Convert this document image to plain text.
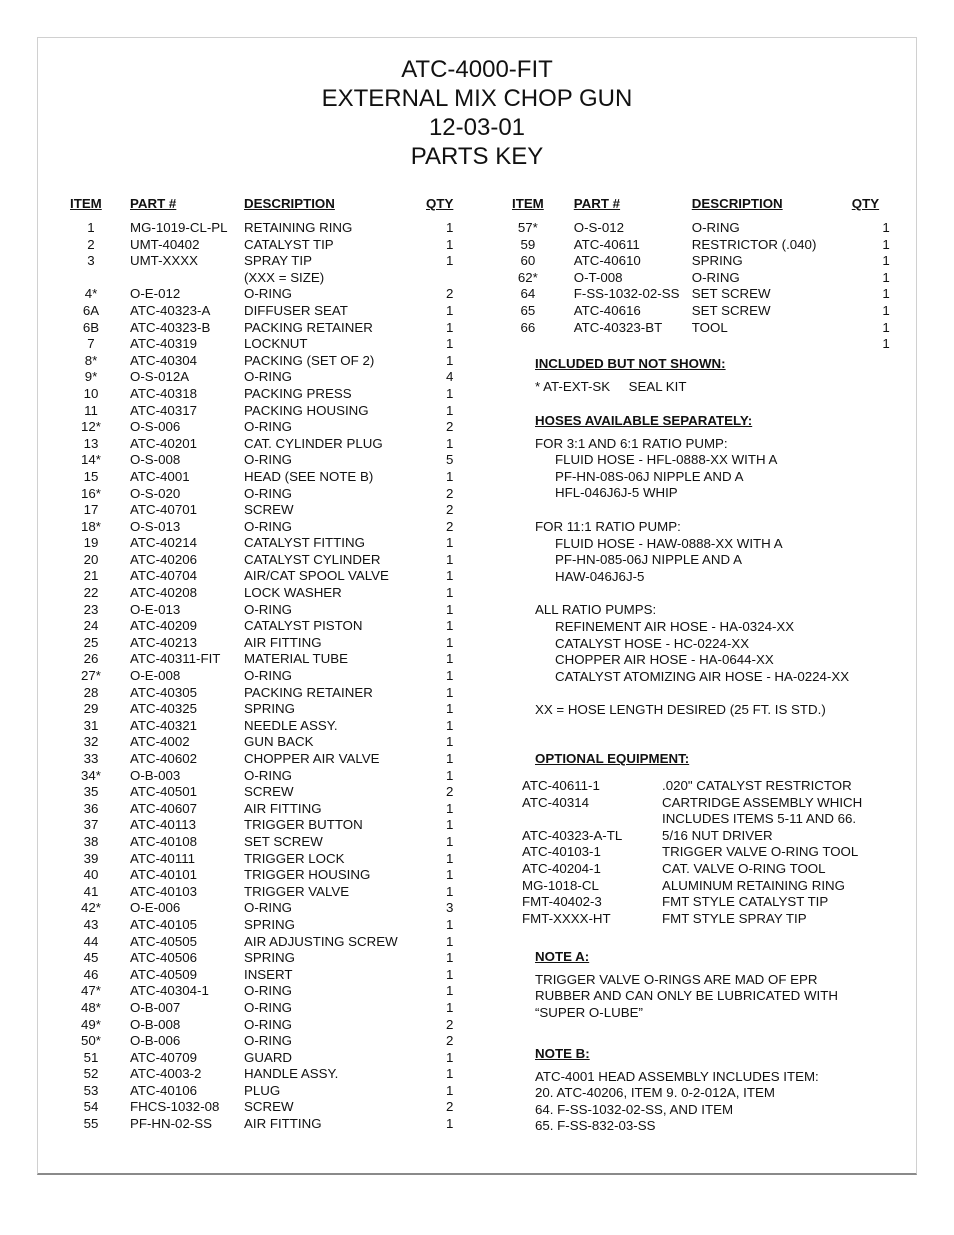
ATC-4000-FIT
EXTERNAL MIX CHOP GUN
12-03-01
PARTS KEY
ITEM	PART #	DESCRIPTION	QTY
1	MG-1019-CL-PL	RETAINING RING	1
2	UMT-40402	CATALYST TIP	1
3	UMT-XXXX	SPRAY TIP	1
		(XXX = SIZE)	
4*	O-E-012	O-RING	2
6A	ATC-40323-A	DIFFUSER SEAT	1
6B	ATC-40323-B	PACKING RETAINER	1
7	ATC-40319	LOCKNUT	1
8*	ATC-40304	PACKING (SET OF 2)	1
9*	O-S-012A	O-RING	4
10	ATC-40318	PACKING PRESS	1
11	ATC-40317	PACKING HOUSING	1
12*	O-S-006	O-RING	2
13	ATC-40201	CAT. CYLINDER PLUG	1
14*	O-S-008	O-RING	5
15	ATC-4001	HEAD (SEE NOTE B)	1
16*	O-S-020	O-RING	2
17	ATC-40701	SCREW	2
18*	O-S-013	O-RING	2
19	ATC-40214	CATALYST FITTING	1
20	ATC-40206	CATALYST CYLINDER	1
21	ATC-40704	AIR/CAT SPOOL VALVE	1
22	ATC-40208	LOCK WASHER	1
23	O-E-013	O-RING	1
24	ATC-40209	CATALYST PISTON	1
25	ATC-40213	AIR FITTING	1
26	ATC-40311-FIT	MATERIAL TUBE	1
27*	O-E-008	O-RING	1
28	ATC-40305	PACKING RETAINER	1
29	ATC-40325	SPRING	1
31	ATC-40321	NEEDLE ASSY.	1
32	ATC-4002	GUN BACK	1
33	ATC-40602	CHOPPER AIR VALVE	1
34*	O-B-003	O-RING	1
35	ATC-40501	SCREW	2
36	ATC-40607	AIR FITTING	1
37	ATC-40113	TRIGGER BUTTON	1
38	ATC-40108	SET SCREW	1
39	ATC-40111	TRIGGER LOCK	1
40	ATC-40101	TRIGGER HOUSING	1
41	ATC-40103	TRIGGER VALVE	1
42*	O-E-006	O-RING	3
43	ATC-40105	SPRING	1
44	ATC-40505	AIR ADJUSTING SCREW	1
45	ATC-40506	SPRING	1
46	ATC-40509	INSERT	1
47*	ATC-40304-1	O-RING	1
48*	O-B-007	O-RING	1
49*	O-B-008	O-RING	2
50*	O-B-006	O-RING	2
51	ATC-40709	GUARD	1
52	ATC-4003-2	HANDLE ASSY.	1
53	ATC-40106	PLUG	1
54	FHCS-1032-08	SCREW	2
55	PF-HN-02-SS	AIR FITTING	1
ITEM	PART #	DESCRIPTION	QTY
57*	O-S-012	O-RING	1
59	ATC-40611	RESTRICTOR (.040)	1
60	ATC-40610	SPRING	1
62*	O-T-008	O-RING	1
64	F-SS-1032-02-SS	SET SCREW	1
65	ATC-40616	SET SCREW	1
66	ATC-40323-BT	TOOL	1
			1
INCLUDED BUT NOT SHOWN:
* AT-EXT-SK     SEAL KIT
HOSES AVAILABLE SEPARATELY:
FOR 3:1 AND 6:1 RATIO PUMP:
FLUID HOSE - HFL-0888-XX WITH A
PF-HN-08S-06J NIPPLE AND A
HFL-046J6J-5 WHIP
FOR 11:1 RATIO PUMP:
FLUID HOSE - HAW-0888-XX WITH A
PF-HN-085-06J NIPPLE AND A
HAW-046J6J-5
ALL RATIO PUMPS:
REFINEMENT AIR HOSE - HA-0324-XX
CATALYST HOSE - HC-0224-XX
CHOPPER AIR HOSE - HA-0644-XX
CATALYST ATOMIZING AIR HOSE - HA-0224-XX
XX = HOSE LENGTH DESIRED (25 FT. IS STD.)
OPTIONAL EQUIPMENT:
ATC-40611-1	.020" CATALYST RESTRICTOR
ATC-40314	CARTRIDGE ASSEMBLY WHICH
	INCLUDES ITEMS 5-11 AND 66.
ATC-40323-A-TL	5/16 NUT DRIVER
ATC-40103-1	TRIGGER VALVE O-RING TOOL
ATC-40204-1	CAT. VALVE O-RING TOOL
MG-1018-CL	ALUMINUM RETAINING RING
FMT-40402-3	FMT STYLE CATALYST TIP
FMT-XXXX-HT	FMT STYLE SPRAY TIP
NOTE A:
TRIGGER VALVE O-RINGS ARE MAD OF EPR
RUBBER AND CAN ONLY BE LUBRICATED WITH
“SUPER O-LUBE”
NOTE B:
ATC-4001 HEAD ASSEMBLY INCLUDES ITEM:
20. ATC-40206, ITEM 9. 0-2-012A, ITEM
64. F-SS-1032-02-SS, AND ITEM
65. F-SS-832-03-SS
